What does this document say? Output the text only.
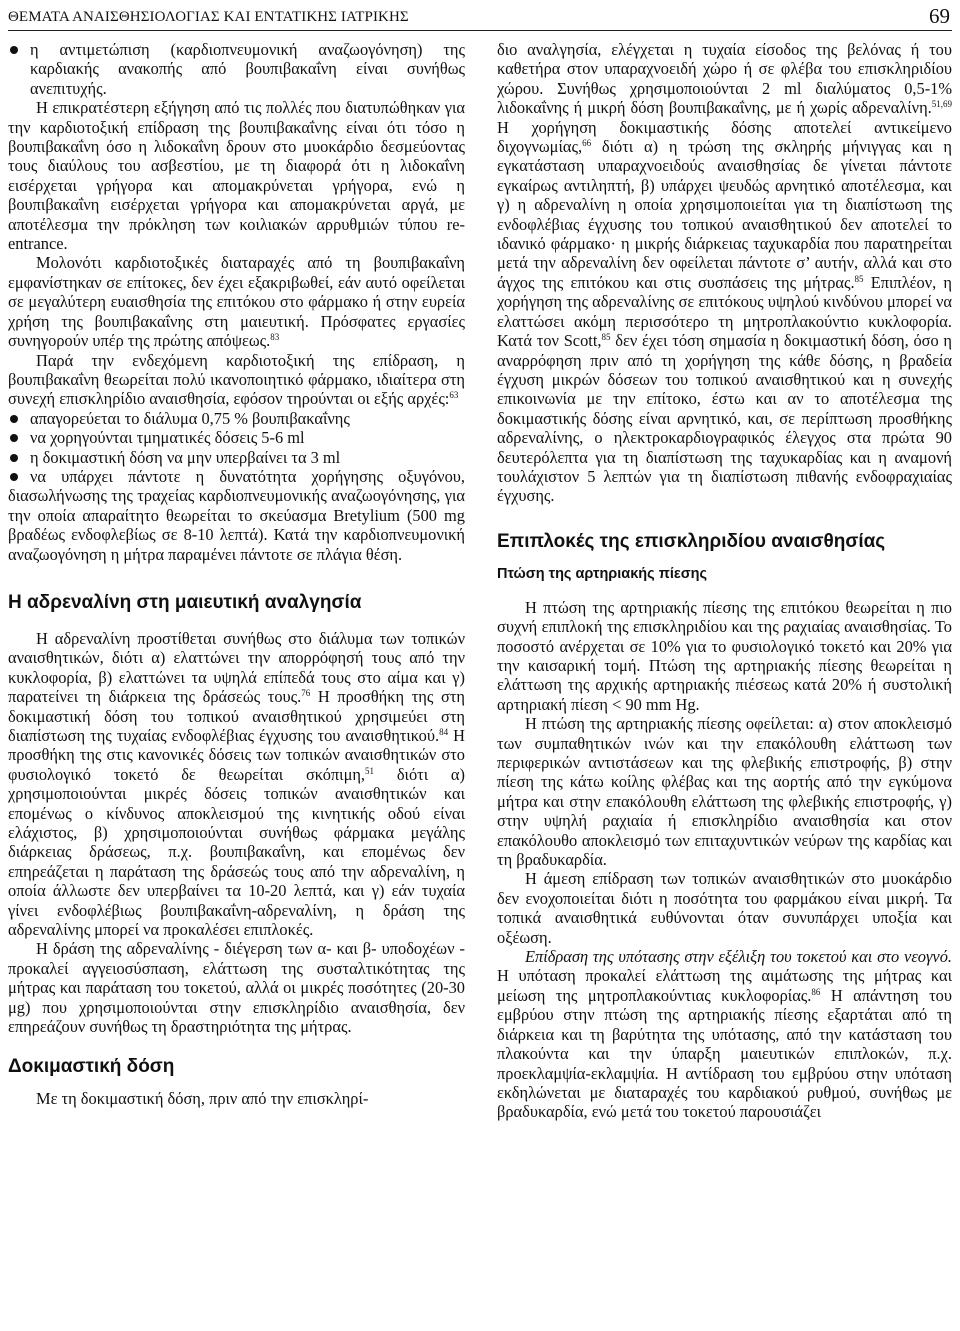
ΘΕΜΑΤΑ ΑΝΑΙΣΘΗΣΙΟΛΟΓΙΑΣ ΚΑΙ ΕΝΤΑΤΙΚΗΣ ΙΑΤΡΙΚΗΣ	69

η αντιμετώπιση (καρδιοπνευμονική αναζωογόνηση) της καρδιακής ανακοπής από βουπιβακαΐνη είναι συνήθως ανεπιτυχής.

Η επικρατέστερη εξήγηση από τις πολλές που διατυπώθηκαν για την καρδιοτοξική επίδραση της βουπιβακαΐνης είναι ότι τόσο η βουπιβακαΐνη όσο η λιδοκαΐνη δρουν στο μυοκάρδιο δεσμεύοντας τους διαύλους του ασβεστίου, με τη διαφορά ότι η λιδοκαΐνη εισέρχεται γρήγορα και απομακρύνεται γρήγορα, ενώ η βουπιβακαΐνη εισέρχεται γρήγορα και απομακρύνεται αργά, με αποτέλεσμα την πρόκληση των κοιλιακών αρρυθμιών τύπου re-entrance.

Μολονότι καρδιοτοξικές διαταραχές από τη βουπιβακαΐνη εμφανίστηκαν σε επίτοκες, δεν έχει εξακριβωθεί, εάν αυτό οφείλεται σε μεγαλύτερη ευαισθησία της επιτόκου στο φάρμακο ή στην ευρεία χρήση της βουπιβακαΐνης στη μαιευτική. Πρόσφατες εργασίες συνηγορούν υπέρ της πρώτης απόψεως.$^{83}$

Παρά την ενδεχόμενη καρδιοτοξική της επίδραση, η βουπιβακαΐνη θεωρείται πολύ ικανοποιητικό φάρμακο, ιδιαίτερα στη συνεχή επισκληρίδιο αναισθησία, εφόσον τηρούνται οι εξής αρχές:$^{63}$

απαγορεύεται το διάλυμα 0,75 % βουπιβακαΐνης

να χορηγούνται τμηματικές δόσεις 5-6 ml

η δοκιμαστική δόση να μην υπερβαίνει τα 3 ml

να υπάρχει πάντοτε η δυνατότητα χορήγησης οξυγόνου, διασωλήνωσης της τραχείας καρδιοπνευμονικής αναζωογόνησης, για την οποία απαραίτητο θεωρείται το σκεύασμα Bretylium (500 mg βραδέως ενδοφλεβίως σε 8-10 λεπτά). Κατά την καρδιοπνευμονική αναζωογόνηση η μήτρα παραμένει πάντοτε σε πλάγια θέση.

Η αδρεναλίνη στη μαιευτική αναλγησία

Η αδρεναλίνη προστίθεται συνήθως στο διάλυμα των τοπικών αναισθητικών, διότι α) ελαττώνει την απορρόφησή τους από την κυκλοφορία, β) ελαττώνει τα υψηλά επίπεδά τους στο αίμα και γ) παρατείνει τη διάρκεια της δράσεώς τους.$^{76}$ Η προσθήκη της στη δοκιμαστική δόση του τοπικού αναισθητικού χρησιμεύει στη διαπίστωση της τυχαίας ενδοφλέβιας έγχυσης του αναισθητικού.$^{84}$ Η προσθήκη της στις κανονικές δόσεις των τοπικών αναισθητικών στο φυσιολογικό τοκετό δε θεωρείται σκόπιμη,$^{51}$ διότι α) χρησιμοποιούνται μικρές δόσεις τοπικών αναισθητικών και επομένως ο κίνδυνος αποκλεισμού της κινητικής οδού είναι ελάχιστος, β) χρησιμοποιούνται συνήθως φάρμακα μεγάλης διάρκειας δράσεως, π.χ. βουπιβακαΐνη, και επομένως δεν επηρεάζεται η παράταση της δράσεώς τους από την αδρεναλίνη, η οποία άλλωστε δεν υπερβαίνει τα 10-20 λεπτά, και γ) εάν τυχαία γίνει ενδοφλέβιως βουπιβακαΐνη-αδρεναλίνη, η δράση της αδρεναλίνης μπορεί να προκαλέσει επιπλοκές.

Η δράση της αδρεναλίνης - διέγερση των α- και β- υποδοχέων - προκαλεί αγγειοσύσπαση, ελάττωση της συσταλτικότητας της μήτρας και παράταση του τοκετού, αλλά οι μικρές ποσότητες (20-30 μg) που χρησιμοποιούνται στην επισκληρίδιο αναισθησία, δεν επηρεάζουν συνήθως τη δραστηριότητα της μήτρας.

Δοκιμαστική δόση

Με τη δοκιμαστική δόση, πριν από την επισκληρί-

διο αναλγησία, ελέγχεται η τυχαία είσοδος της βελόνας ή του καθετήρα στον υπαραχνοειδή χώρο ή σε φλέβα του επισκληριδίου χώρου. Συνήθως χρησιμοποιούνται 2 ml διαλύματος 0,5-1% λιδοκαΐνης ή μικρή δόση βουπιβακαΐνης, με ή χωρίς αδρεναλίνη.$^{51,69}$ Η χορήγηση δοκιμαστικής δόσης αποτελεί αντικείμενο διχογνωμίας,$^{66}$ διότι α) η τρώση της σκληρής μήνιγγας και η εγκατάσταση υπαραχνοειδούς αναισθησίας δε γίνεται πάντοτε εγκαίρως αντιληπτή, β) υπάρχει ψευδώς αρνητικό αποτέλεσμα, και γ) η αδρεναλίνη η οποία χρησιμοποιείται για τη διαπίστωση της ενδοφλέβιας έγχυσης του τοπικού αναισθητικού δεν αποτελεί το ιδανικό φάρμακο· η μικρής διάρκειας ταχυκαρδία που παρατηρείται μετά την αδρεναλίνη δεν οφείλεται πάντοτε σ’ αυτήν, αλλά και στο άγχος της επιτόκου και στις συσπάσεις της μήτρας.$^{85}$ Επιπλέον, η χορήγηση της αδρεναλίνης σε επιτόκους υψηλού κινδύνου μπορεί να ελαττώσει ακόμη περισσότερο τη μητροπλακούντιο κυκλοφορία. Κατά τον Scott,$^{85}$ δεν έχει τόση σημασία η δοκιμαστική δόση, όσο η αναρρόφηση πριν από τη χορήγηση της κάθε δόσης, η βραδεία έγχυση μικρών δόσεων του τοπικού αναισθητικού και η συνεχής επικοινωνία με την επίτοκο, έστω και αν το αποτέλεσμα της δοκιμαστικής δόσης είναι αρνητικό, και, σε περίπτωση προσθήκης αδρεναλίνης, ο ηλεκτροκαρδιογραφικός έλεγχος στα πρώτα 90 δευτερόλεπτα για τη διαπίστωση της ταχυκαρδίας και η αναμονή τουλάχιστον 5 λεπτών για τη διαπίστωση πιθανής ενδοφραχιαίας έγχυσης.

Επιπλοκές της επισκληριδίου αναισθησίας
Πτώση της αρτηριακής πίεσης

Η πτώση της αρτηριακής πίεσης της επιτόκου θεωρείται η πιο συχνή επιπλοκή της επισκληριδίου και της ραχιαίας αναισθησίας. Το ποσοστό ανέρχεται σε 10% για το φυσιολογικό τοκετό και 20% για την καισαρική τομή. Πτώση της αρτηριακής πίεσης θεωρείται η ελάττωση της αρχικής αρτηριακής πιέσεως κατά 20% ή συστολική αρτηριακή πίεση < 90 mm Hg.

Η πτώση της αρτηριακής πίεσης οφείλεται: α) στον αποκλεισμό των συμπαθητικών ινών και την επακόλουθη ελάττωση των περιφερικών αντιστάσεων και της φλεβικής επιστροφής, β) στην πίεση της κάτω κοίλης φλέβας και της αορτής από την εγκύμονα μήτρα και στην επακόλουθη ελάττωση της φλεβικής επιστροφής, γ) στην υψηλή ραχιαία ή επισκληρίδιο αναισθησία και στον επακόλουθο αποκλεισμό των επιταχυντικών νεύρων της καρδίας και τη βραδυκαρδία.

Η άμεση επίδραση των τοπικών αναισθητικών στο μυοκάρδιο δεν ενοχοποιείται διότι η ποσότητα του φαρμάκου είναι μικρή. Τα τοπικά αναισθητικά ευθύνονται όταν συνυπάρχει υποξία και οξέωση.

Επίδραση της υπότασης στην εξέλιξη του τοκετού και στο νεογνό. Η υπόταση προκαλεί ελάττωση της αιμάτωσης της μήτρας και μείωση της μητροπλακούντιας κυκλοφορίας.$^{86}$ Η απάντηση του εμβρύου στην πτώση της αρτηριακής πίεσης εξαρτάται από τη διάρκεια και τη βαρύτητα της υπότασης, από την κατάσταση του πλακούντα και την ύπαρξη μαιευτικών επιπλοκών, π.χ. προεκλαμψία-εκλαμψία. Η αντίδραση του εμβρύου στην υπόταση εκδηλώνεται με διαταραχές του καρδιακού ρυθμού, συνήθως με βραδυκαρδία, ενώ μετά του τοκετού παρουσιάζει
